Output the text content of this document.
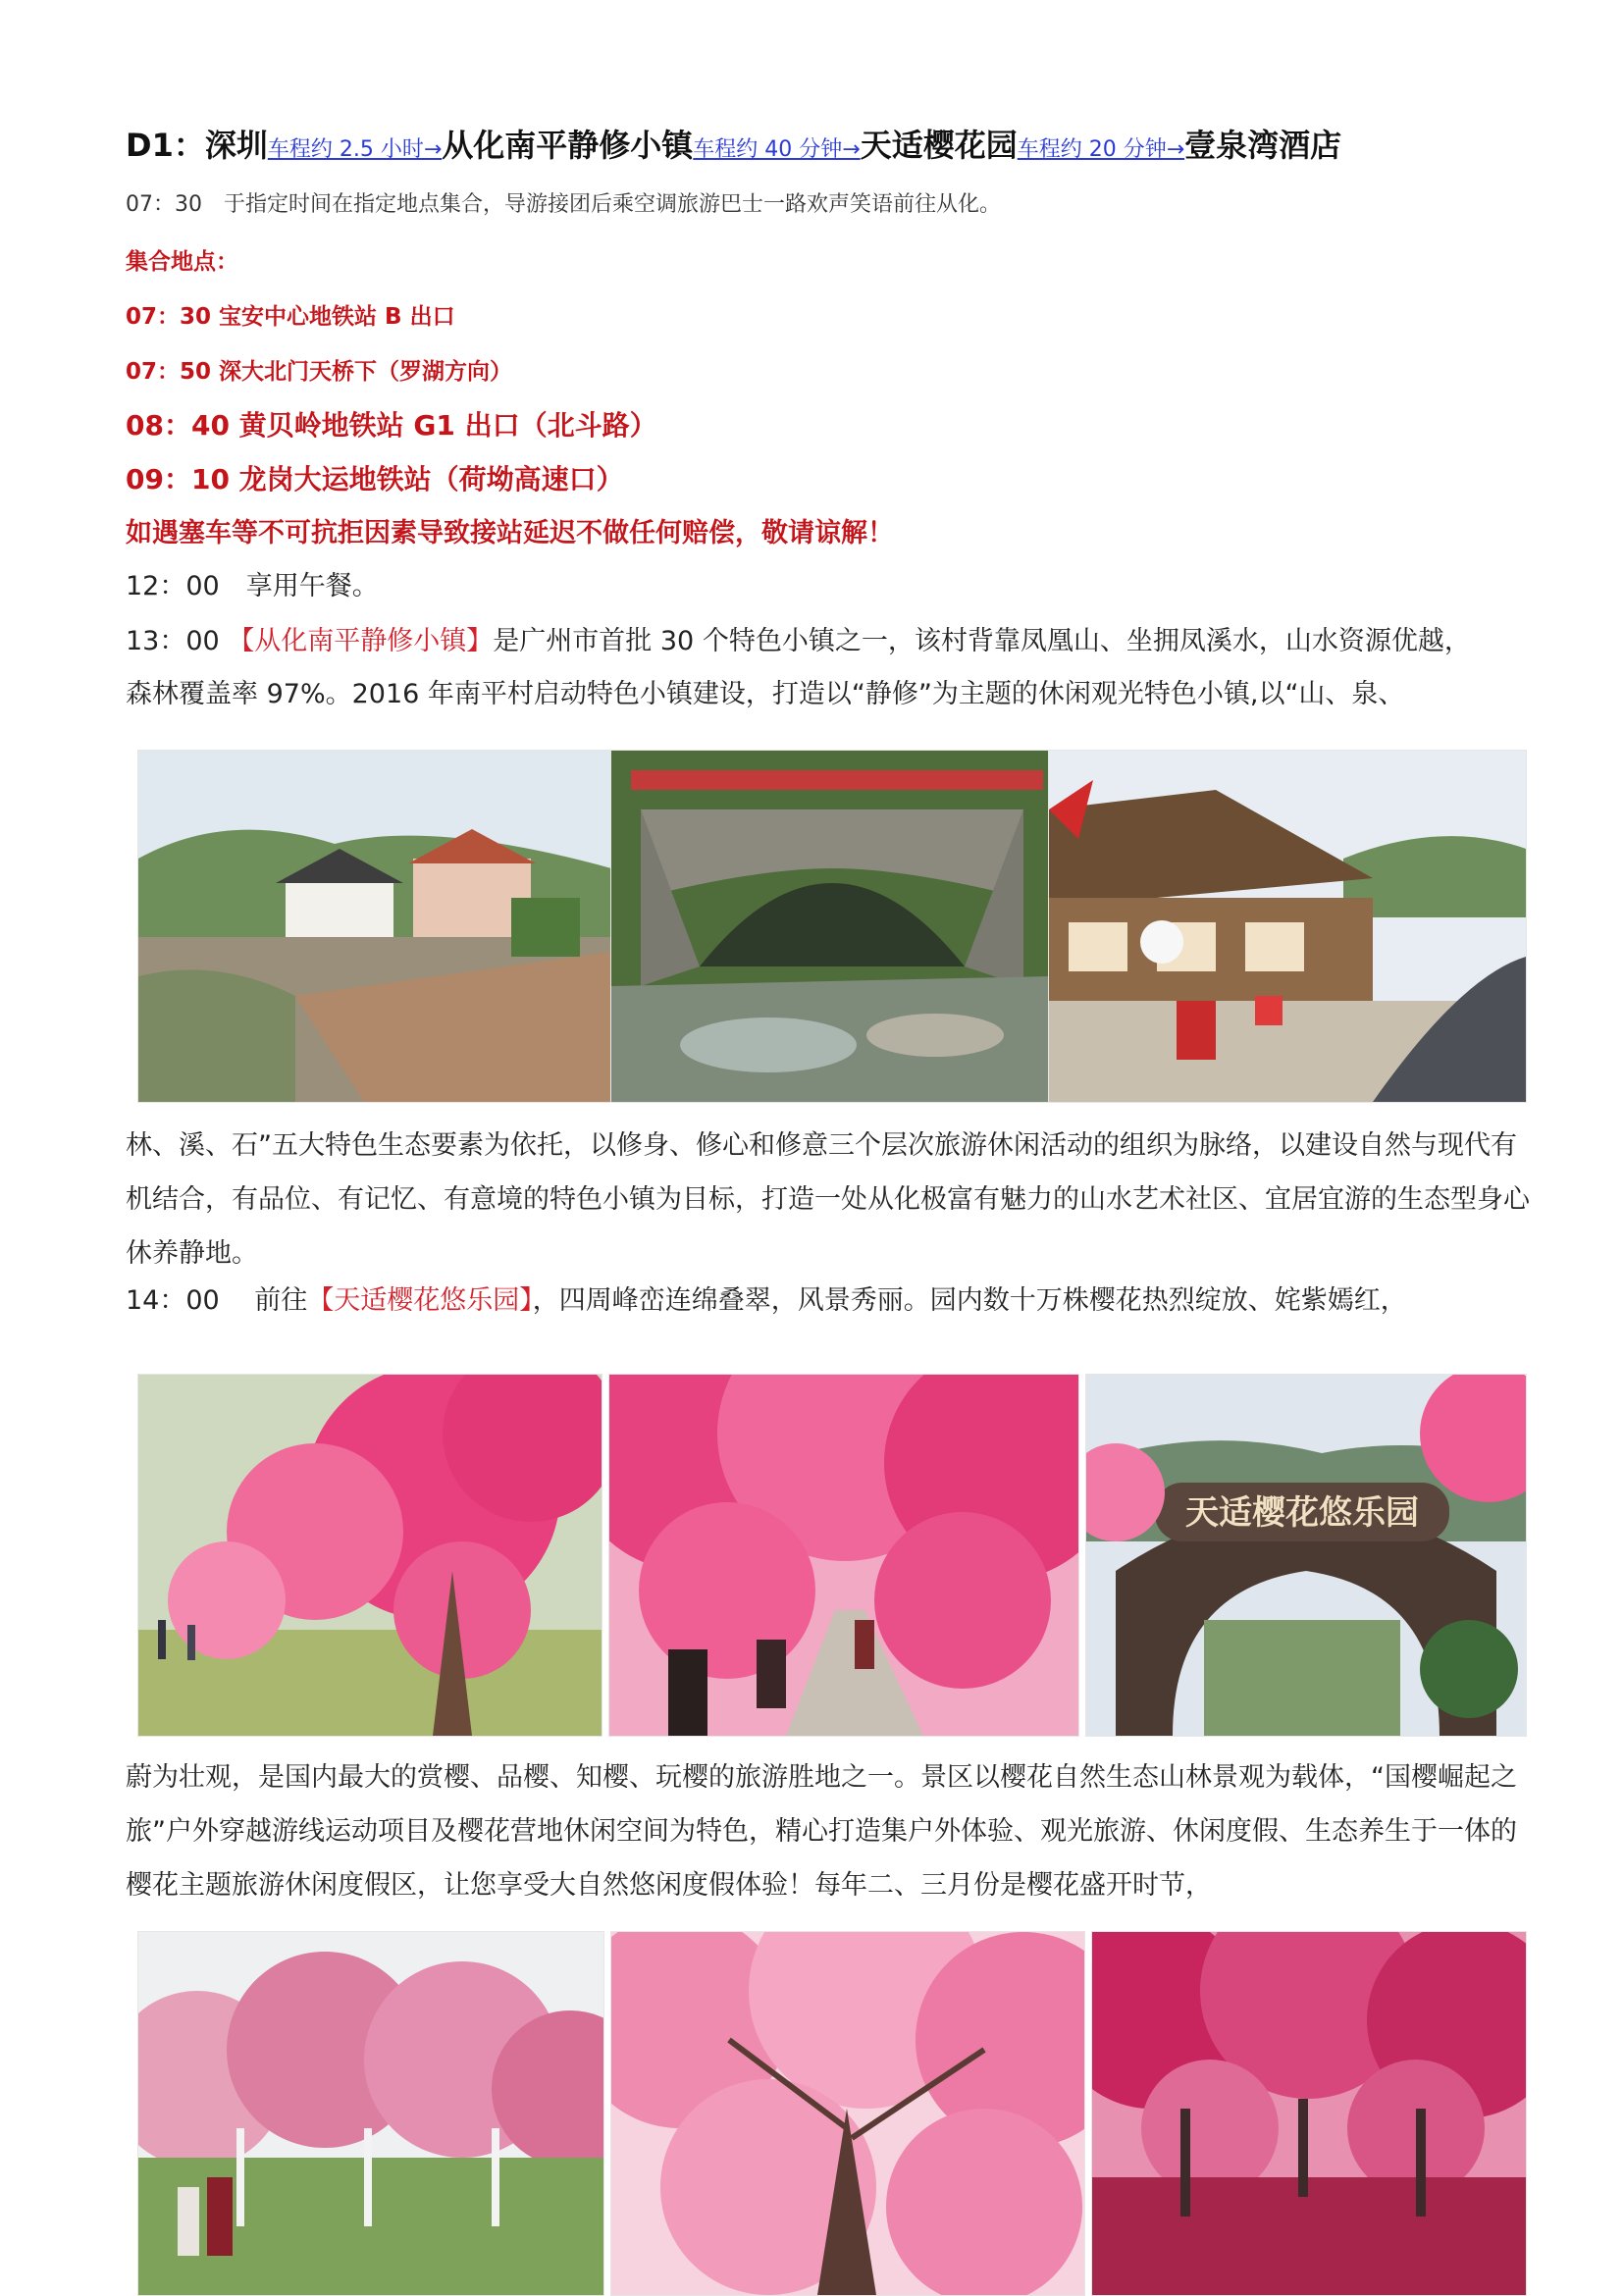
D1：深圳车程约 2.5 小时→从化南平静修小镇车程约 40 分钟→天适樱花园车程约 20 分钟→壹泉湾酒店
07：30　于指定时间在指定地点集合，导游接团后乘空调旅游巴士一路欢声笑语前往从化。
集合地点：
07：30 宝安中心地铁站 B 出口
07：50 深大北门天桥下（罗湖方向）
08：40 黄贝岭地铁站 G1 出口（北斗路）
09：10 龙岗大运地铁站（荷坳高速口）
如遇塞车等不可抗拒因素导致接站延迟不做任何赔偿，敬请谅解！
12：00　享用午餐。
13：00 【从化南平静修小镇】是广州市首批 30 个特色小镇之一，该村背靠凤凰山、坐拥凤溪水，山水资源优越，
森林覆盖率 97%。2016 年南平村启动特色小镇建设，打造以“静修”为主题的休闲观光特色小镇,以“山、泉、
林、溪、石”五大特色生态要素为依托，以修身、修心和修意三个层次旅游休闲活动的组织为脉络，以建设自然与现代有机结合，有品位、有记忆、有意境的特色小镇为目标，打造一处从化极富有魅力的山水艺术社区、宜居宜游的生态型身心休养静地。
14：00　 前往【天适樱花悠乐园】，四周峰峦连绵叠翠，风景秀丽。园内数十万株樱花热烈绽放、姹紫嫣红，
天适樱花悠乐园
蔚为壮观，是国内最大的赏樱、品樱、知樱、玩樱的旅游胜地之一。景区以樱花自然生态山林景观为载体，“国樱崛起之旅”户外穿越游线运动项目及樱花营地休闲空间为特色，精心打造集户外体验、观光旅游、休闲度假、生态养生于一体的樱花主题旅游休闲度假区，让您享受大自然悠闲度假体验！每年二、三月份是樱花盛开时节，
